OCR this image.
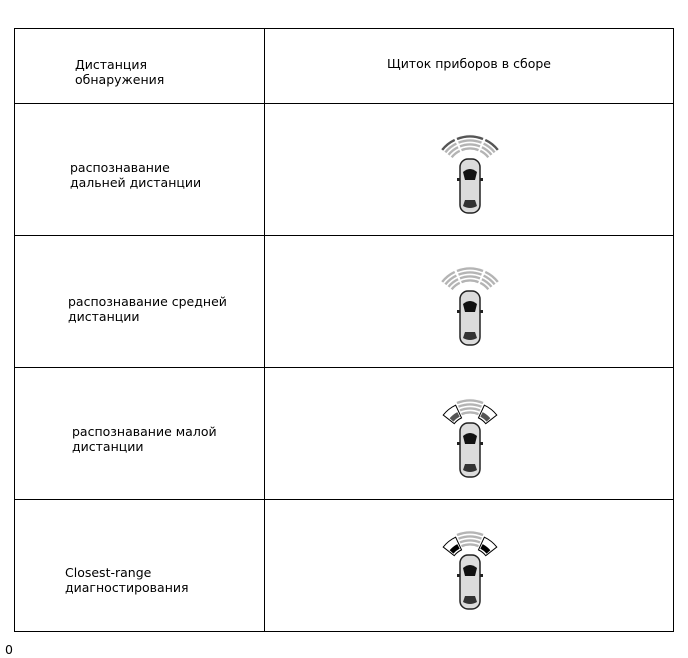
Дистанция
обнаружения	Щиток приборов в сборе

распознавание
дальней дистанции

распознавание средней
дистанции

распознавание малой
дистанции

Closest-range
диагностирования

0
